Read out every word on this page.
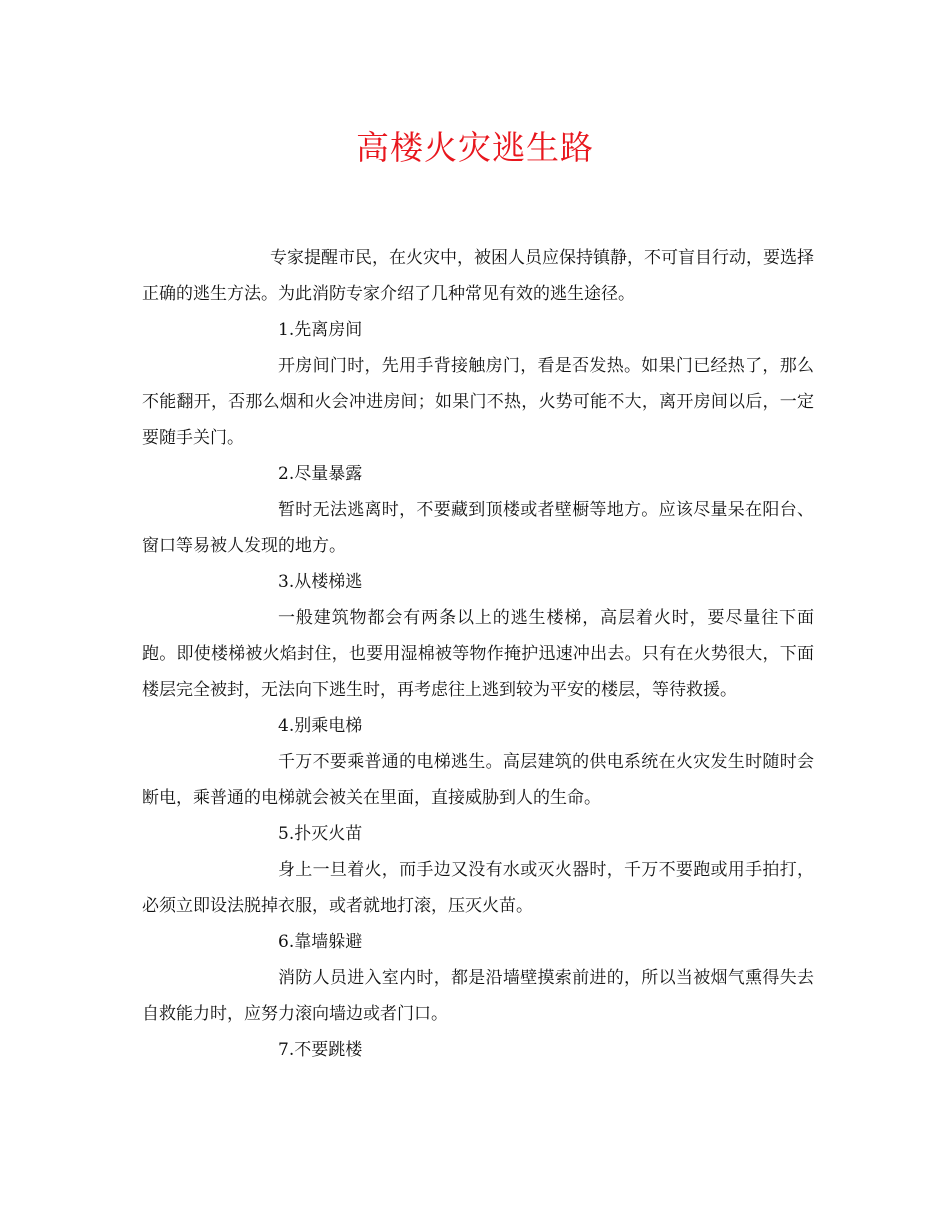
高楼火灾逃生路

专家提醒市民，在火灾中，被困人员应保持镇静，不可盲目行动，要选择正确的逃生方法。为此消防专家介绍了几种常见有效的逃生途径。

1.先离房间

开房间门时，先用手背接触房门，看是否发热。如果门已经热了，那么不能翻开，否那么烟和火会冲进房间；如果门不热，火势可能不大，离开房间以后，一定要随手关门。

2.尽量暴露

暂时无法逃离时，不要藏到顶楼或者壁橱等地方。应该尽量呆在阳台、窗口等易被人发现的地方。

3.从楼梯逃

一般建筑物都会有两条以上的逃生楼梯，高层着火时，要尽量往下面跑。即使楼梯被火焰封住，也要用湿棉被等物作掩护迅速冲出去。只有在火势很大，下面楼层完全被封，无法向下逃生时，再考虑往上逃到较为平安的楼层，等待救援。

4.别乘电梯

千万不要乘普通的电梯逃生。高层建筑的供电系统在火灾发生时随时会断电，乘普通的电梯就会被关在里面，直接威胁到人的生命。

5.扑灭火苗

身上一旦着火，而手边又没有水或灭火器时，千万不要跑或用手拍打，必须立即设法脱掉衣服，或者就地打滚，压灭火苗。

6.靠墙躲避

消防人员进入室内时，都是沿墙壁摸索前进的，所以当被烟气熏得失去自救能力时，应努力滚向墙边或者门口。

7.不要跳楼
